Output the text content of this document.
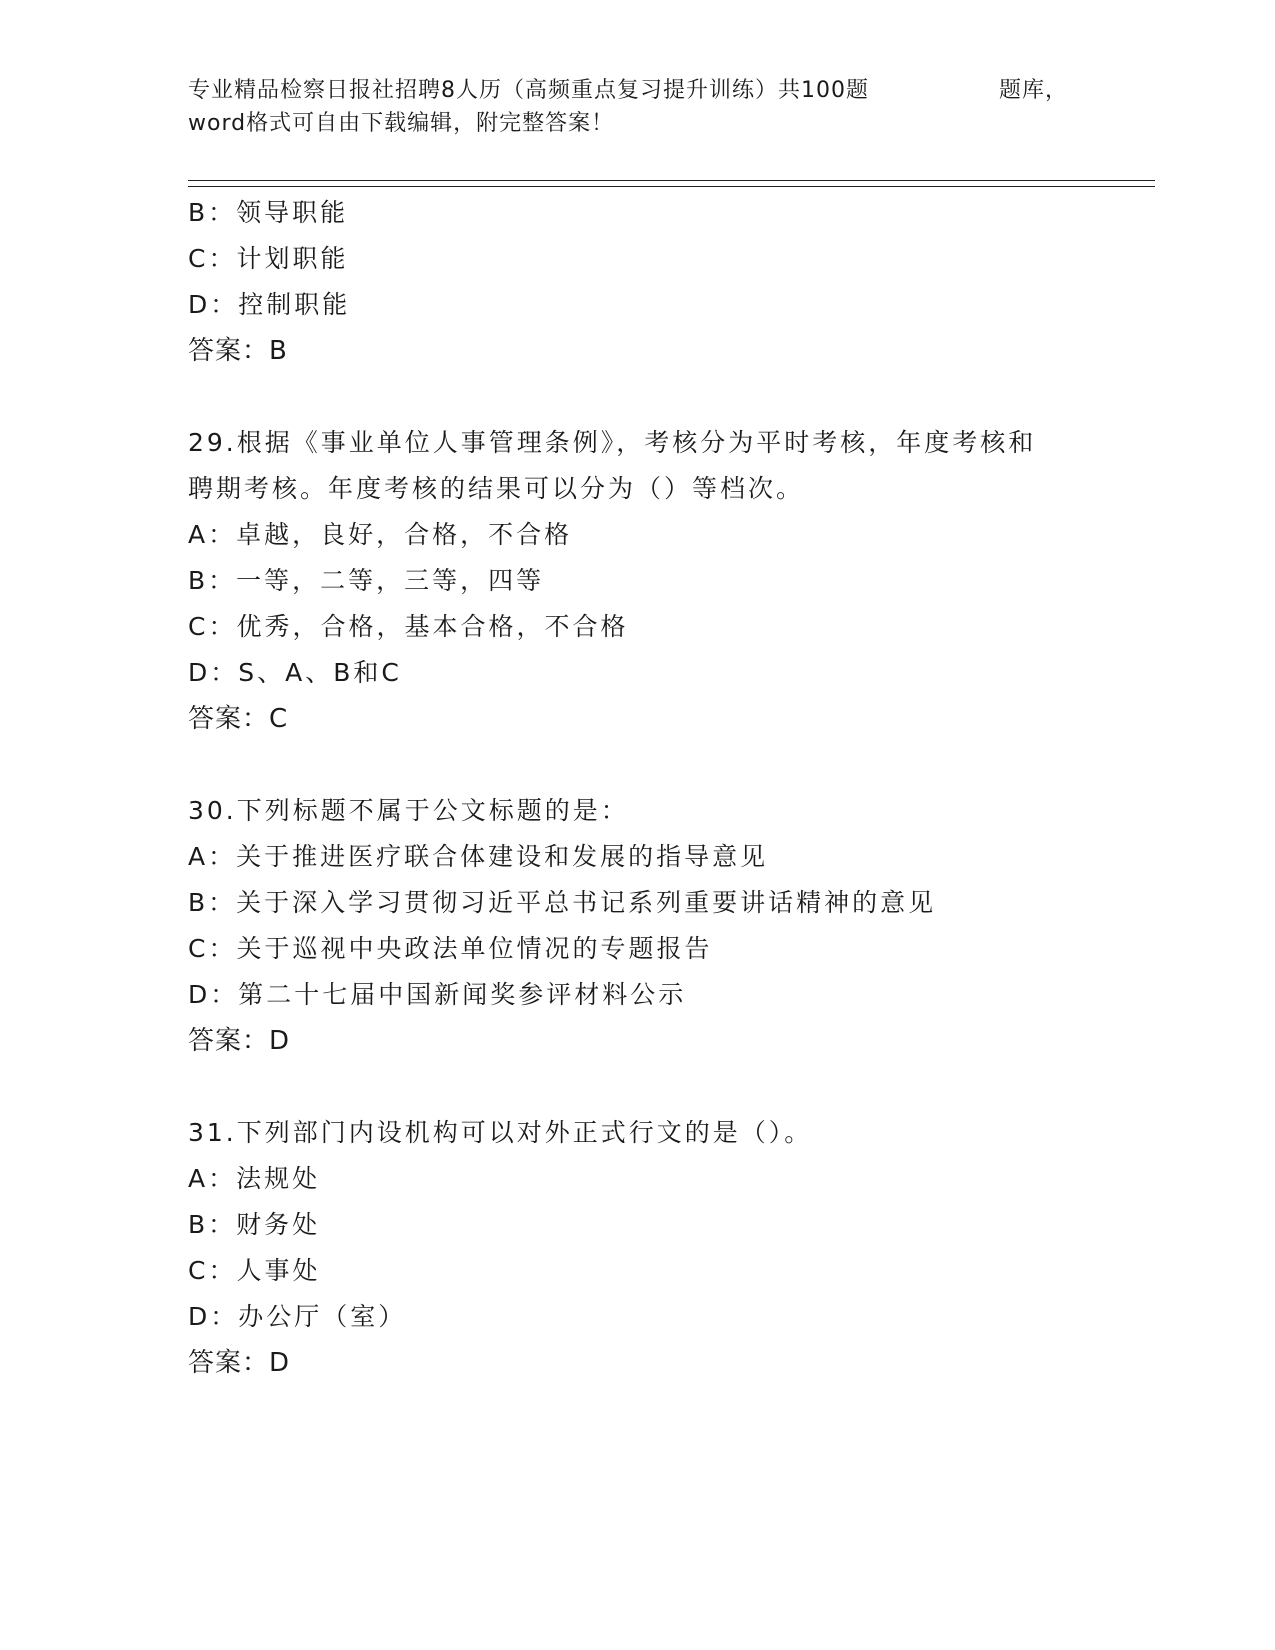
专业精品检察日报社招聘8人历（高频重点复习提升训练）共100题	题库，
word格式可自由下载编辑，附完整答案！
B：领导职能
C：计划职能
D：控制职能
答案：B
29.根据《事业单位人事管理条例》，考核分为平时考核，年度考核和
聘期考核。年度考核的结果可以分为（）等档次。
A：卓越，良好，合格，不合格
B：一等，二等，三等，四等
C：优秀，合格，基本合格，不合格
D：S、A、B和C
答案：C
30.下列标题不属于公文标题的是：
A：关于推进医疗联合体建设和发展的指导意见
B：关于深入学习贯彻习近平总书记系列重要讲话精神的意见
C：关于巡视中央政法单位情况的专题报告
D：第二十七届中国新闻奖参评材料公示
答案：D
31.下列部门内设机构可以对外正式行文的是（）。
A：法规处
B：财务处
C：人事处
D：办公厅（室）
答案：D
